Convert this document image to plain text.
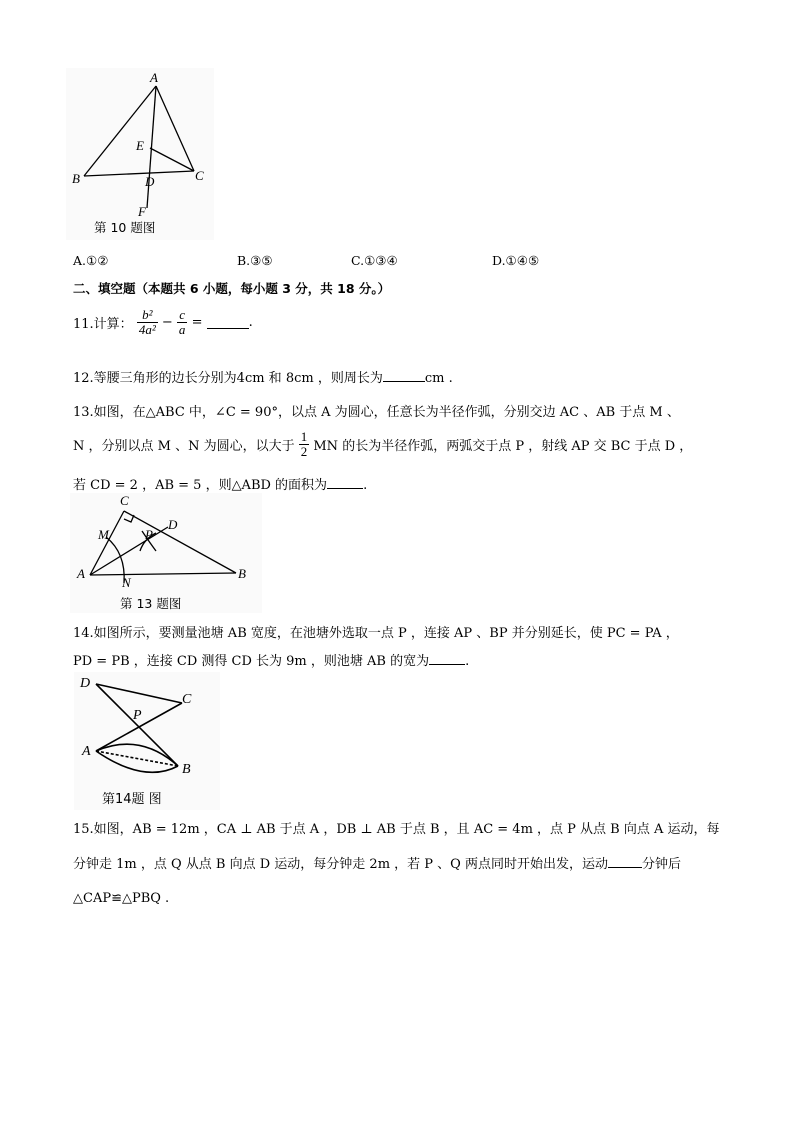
A
E
B	D	C
F
第 10 题图
A.①②	B.③⑤	C.①③④	D.①④⑤
二、填空题（本题共 6 小题，每小题 3 分，共 18 分。）
11.计算： $\frac{\text{b²}}{\text{4a²}} - \frac{c}{a}$ =	.
12.等腰三角形的边长分别为4cm 和 8cm ，则周长为	cm .
13.如图，在△ABC 中，∠C = 90°，以点 A 为圆心，任意长为半径作弧，分别交边 AC 、AB 于点 M 、
N ，分别以点 M 、N 为圆心，以大于 $\frac{1}{2}$ MN 的长为半径作弧，两弧交于点 P ，射线 AP 交 BC 于点 D ，
若 CD = 2 ，AB = 5 ，则△ABD 的面积为	.
C
M
D
P
A
N
B
第 13 题图
14.如图所示，要测量池塘 AB 宽度，在池塘外选取一点 P ，连接 AP 、BP 并分别延长，使 PC = PA ，
PD = PB ，连接 CD 测得 CD 长为 9m ，则池塘 AB 的宽为	.
D
C
P
A
B
第14题 图
15.如图，AB = 12m ，CA ⊥ AB 于点 A ，DB ⊥ AB 于点 B ，且 AC = 4m ，点 P 从点 B 向点 A 运动，每
分钟走 1m ，点 Q 从点 B 向点 D 运动，每分钟走 2m ，若 P 、Q 两点同时开始出发，运动	分钟后
△CAP≌△PBQ .
